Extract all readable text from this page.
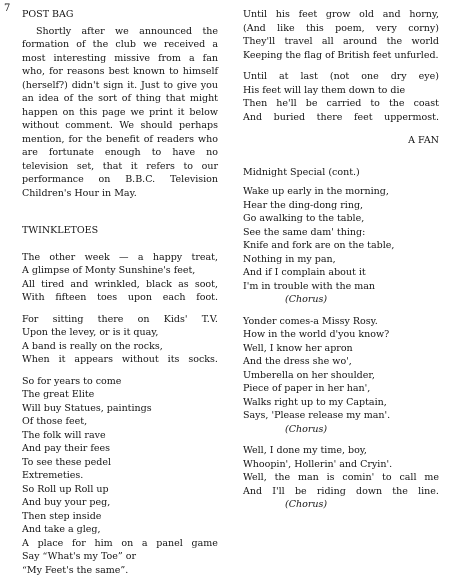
7
POST BAG
Shortly after we announced the formation of the club we received a most interesting missive from a fan who, for reasons best known to himself (herself?) didn't sign it. Just to give you an idea of the sort of thing that might happen on this page we print it below without comment. We should perhaps mention, for the benefit of readers who are fortunate enough to have no television set, that it refers to our performance on B.B.C. Television Children's Hour in May.
TWINKLETOES
The other week — a happy treat,
A glimpse of Monty Sunshine's feet,
All tired and wrinkled, black as soot,
With fifteen toes upon each foot.
For sitting there on Kids' T.V.
Upon the levey, or is it quay,
A band is really on the rocks,
When it appears without its socks.
So for years to come
The great Elite
Will buy Statues, paintings
Of those feet,
The folk will rave
And pay their fees
To see these pedel
Extremeties.
So Roll up Roll up
And buy your peg,
Then step inside
And take a gleg,
A place for him on a panel game
Say “What's my Toe” or
“My Feet's the same”.
Until his feet grow old and horny,
(And like this poem, very corny)
They'll travel all around the world
Keeping the flag of British feet unfurled.
Until at last (not one dry eye)
His feet will lay them down to die
Then he'll be carried to the coast
And buried there feet uppermost.
A FAN
Midnight Special (cont.)
Wake up early in the morning,
Hear the ding-dong ring,
Go awalking to the table,
See the same dam' thing:
Knife and fork are on the table,
Nothing in my pan,
And if I complain about it
I'm in trouble with the man
(Chorus)
Yonder comes-a Missy Rosy.
How in the world d'you know?
Well, I know her apron
And the dress she wo',
Umberella on her shoulder,
Piece of paper in her han',
Walks right up to my Captain,
Says, 'Please release my man'.
(Chorus)
Well, I done my time, boy,
Whoopin', Hollerin' and Cryin'.
Well, the man is comin' to call me
And I'll be riding down the line.
(Chorus)
